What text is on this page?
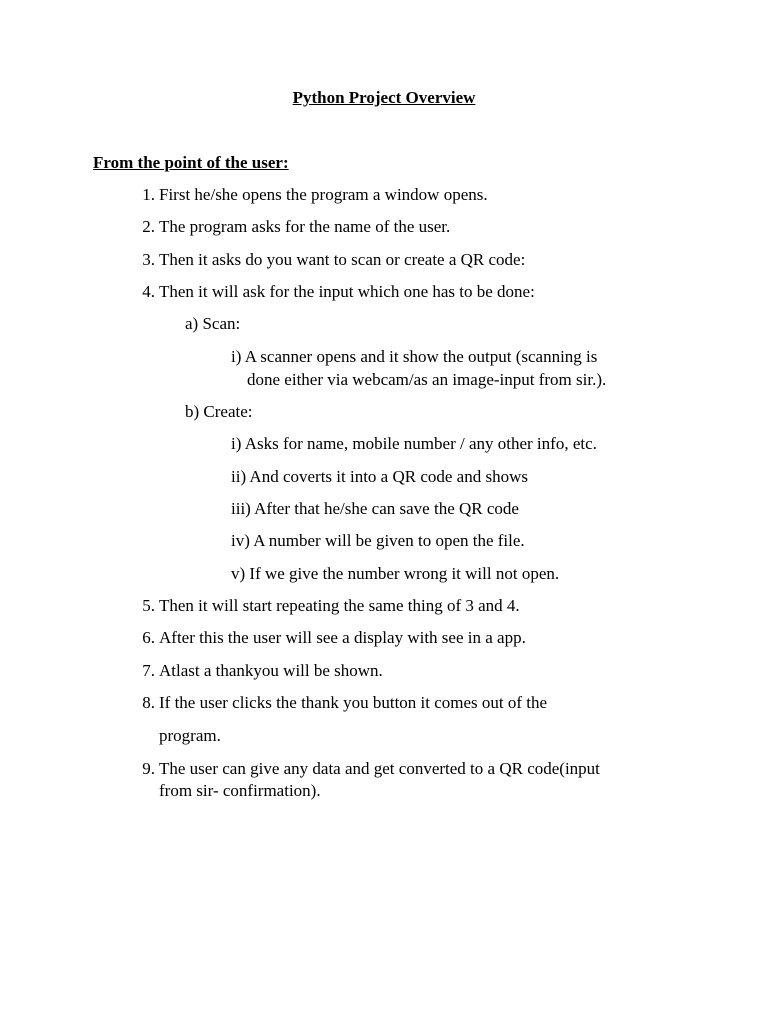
Python Project Overview
From the point of the user:
1. First he/she opens the program a window opens.
2. The program asks for the name of the user.
3. Then it asks do you want to scan or create a QR code:
4. Then it will ask for the input which one has to be done:
a) Scan:
i) A scanner opens and it show the output (scanning is
done either via webcam/as an image-input from sir.).
b) Create:
i) Asks for name, mobile number / any other info, etc.
ii) And coverts it into a QR code and shows
iii) After that he/she can save the QR code
iv) A number will be given to open the file.
v) If we give the number wrong it will not open.
5. Then it will start repeating the same thing of 3 and 4.
6. After this the user will see a display with see in a app.
7. Atlast a thankyou will be shown.
8. If the user clicks the thank you button it comes out of the
program.
9. The user can give any data and get converted to a QR code(input
from sir- confirmation).
